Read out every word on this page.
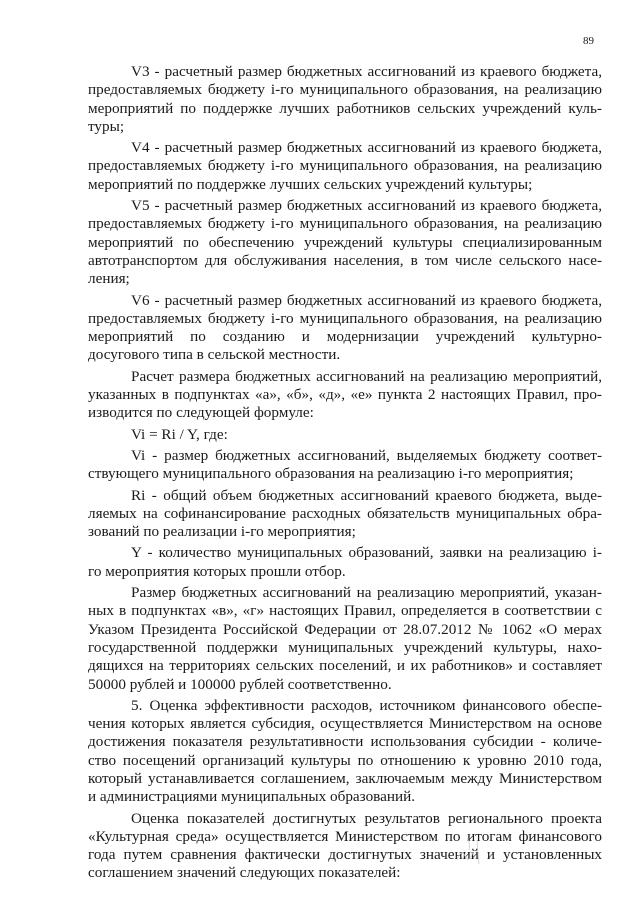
89
V3 - расчетный размер бюджетных ассигнований из краевого бюджета,
предоставляемых бюджету i-го муниципального образования, на реализацию
мероприятий по поддержке лучших работников сельских учреждений куль-
туры;
V4 - расчетный размер бюджетных ассигнований из краевого бюджета,
предоставляемых бюджету i-го муниципального образования, на реализацию
мероприятий по поддержке лучших сельских учреждений культуры;
V5 - расчетный размер бюджетных ассигнований из краевого бюджета,
предоставляемых бюджету i-го муниципального образования, на реализацию
мероприятий по обеспечению учреждений культуры специализированным
автотранспортом для обслуживания населения, в том числе сельского насе-
ления;
V6 - расчетный размер бюджетных ассигнований из краевого бюджета,
предоставляемых бюджету i-го муниципального образования, на реализацию
мероприятий по созданию и модернизации учреждений культурно-
досугового типа в сельской местности.
Расчет размера бюджетных ассигнований на реализацию мероприятий,
указанных в подпунктах «а», «б», «д», «е» пункта 2 настоящих Правил, про-
изводится по следующей формуле:
Vi = Ri / Y, где:
Vi - размер бюджетных ассигнований, выделяемых бюджету соответ-
ствующего муниципального образования на реализацию i-го мероприятия;
Ri - общий объем бюджетных ассигнований краевого бюджета, выде-
ляемых на софинансирование расходных обязательств муниципальных обра-
зований по реализации i-го мероприятия;
Y - количество муниципальных образований, заявки на реализацию i-
го мероприятия которых прошли отбор.
Размер бюджетных ассигнований на реализацию мероприятий, указан-
ных в подпунктах «в», «г» настоящих Правил, определяется в соответствии с
Указом Президента Российской Федерации от 28.07.2012 № 1062 «О мерах
государственной поддержки муниципальных учреждений культуры, нахо-
дящихся на территориях сельских поселений, и их работников» и составляет
50000 рублей и 100000 рублей соответственно.
5. Оценка эффективности расходов, источником финансового обеспе-
чения которых является субсидия, осуществляется Министерством на основе
достижения показателя результативности использования субсидии - количе-
ство посещений организаций культуры по отношению к уровню 2010 года,
который устанавливается соглашением, заключаемым между Министерством
и администрациями муниципальных образований.
Оценка показателей достигнутых результатов регионального проекта
«Культурная среда» осуществляется Министерством по итогам финансового
года путем сравнения фактически достигнутых значений и установленных
соглашением значений следующих показателей:
